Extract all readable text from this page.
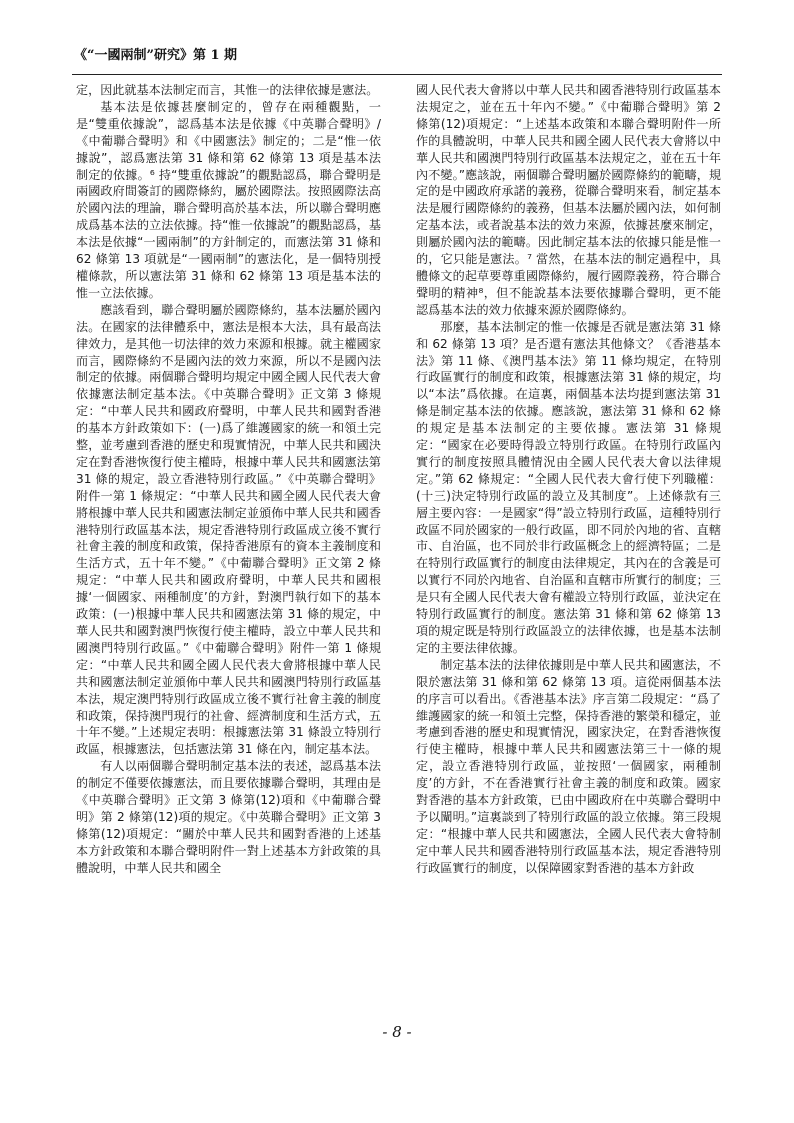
《“一國兩制”研究》第 1 期

定，因此就基本法制定而言，其惟一的法律依據是憲法。

基本法是依據甚麼制定的，曾存在兩種觀點，一是“雙重依據說”，認爲基本法是依據《中英聯合聲明》/《中葡聯合聲明》和《中國憲法》制定的；二是“惟一依據說”，認爲憲法第 31 條和第 62 條第 13 項是基本法制定的依據。⁶ 持“雙重依據說”的觀點認爲，聯合聲明是兩國政府間簽訂的國際條約，屬於國際法。按照國際法高於國內法的理論，聯合聲明高於基本法，所以聯合聲明應成爲基本法的立法依據。持“惟一依據說”的觀點認爲，基本法是依據“一國兩制”的方針制定的，而憲法第 31 條和 62 條第 13 項就是“一國兩制”的憲法化，是一個特別授權條款，所以憲法第 31 條和 62 條第 13 項是基本法的惟一立法依據。

應該看到，聯合聲明屬於國際條約，基本法屬於國內法。在國家的法律體系中，憲法是根本大法，具有最高法律效力，是其他一切法律的效力來源和根據。就主權國家而言，國際條約不是國內法的效力來源，所以不是國內法制定的依據。兩個聯合聲明均規定中國全國人民代表大會依據憲法制定基本法。《中英聯合聲明》正文第 3 條規定：“中華人民共和國政府聲明，中華人民共和國對香港的基本方針政策如下：(一)爲了維護國家的統一和領土完整，並考慮到香港的歷史和現實情況，中華人民共和國決定在對香港恢復行使主權時，根據中華人民共和國憲法第 31 條的規定，設立香港特別行政區。”《中英聯合聲明》附件一第 1 條規定：“中華人民共和國全國人民代表大會將根據中華人民共和國憲法制定並頒佈中華人民共和國香港特別行政區基本法，規定香港特別行政區成立後不實行社會主義的制度和政策，保持香港原有的資本主義制度和生活方式，五十年不變。”《中葡聯合聲明》正文第 2 條規定：“中華人民共和國政府聲明，中華人民共和國根據‘一個國家、兩種制度’的方針，對澳門執行如下的基本政策：(一)根據中華人民共和國憲法第 31 條的規定，中華人民共和國對澳門恢復行使主權時，設立中華人民共和國澳門特別行政區。”《中葡聯合聲明》附件一第 1 條規定：“中華人民共和國全國人民代表大會將根據中華人民共和國憲法制定並頒佈中華人民共和國澳門特別行政區基本法，規定澳門特別行政區成立後不實行社會主義的制度和政策，保持澳門現行的社會、經濟制度和生活方式，五十年不變。”上述規定表明：根據憲法第 31 條設立特別行政區，根據憲法，包括憲法第 31 條在內，制定基本法。

有人以兩個聯合聲明制定基本法的表述，認爲基本法的制定不僅要依據憲法，而且要依據聯合聲明，其理由是《中英聯合聲明》正文第 3 條第(12)項和《中葡聯合聲明》第 2 條第(12)項的規定。《中英聯合聲明》正文第 3 條第(12)項規定：“關於中華人民共和國對香港的上述基本方針政策和本聯合聲明附件一對上述基本方針政策的具體說明，中華人民共和國全

國人民代表大會將以中華人民共和國香港特別行政區基本法規定之，並在五十年內不變。”《中葡聯合聲明》第 2 條第(12)項規定：“上述基本政策和本聯合聲明附件一所作的具體說明，中華人民共和國全國人民代表大會將以中華人民共和國澳門特別行政區基本法規定之，並在五十年內不變。”應該說，兩個聯合聲明屬於國際條約的範疇，規定的是中國政府承諾的義務，從聯合聲明來看，制定基本法是履行國際條約的義務，但基本法屬於國內法，如何制定基本法，或者說基本法的效力來源，依據甚麼來制定，則屬於國內法的範疇。因此制定基本法的依據只能是惟一的，它只能是憲法。⁷ 當然，在基本法的制定過程中，具體條文的起草要尊重國際條約，履行國際義務，符合聯合聲明的精神⁸，但不能說基本法要依據聯合聲明，更不能認爲基本法的效力依據來源於國際條約。

那麼，基本法制定的惟一依據是否就是憲法第 31 條和 62 條第 13 項？是否還有憲法其他條文？《香港基本法》第 11 條、《澳門基本法》第 11 條均規定，在特別行政區實行的制度和政策，根據憲法第 31 條的規定，均以“本法”爲依據。在這裏，兩個基本法均提到憲法第 31 條是制定基本法的依據。應該說，憲法第 31 條和 62 條的規定是基本法制定的主要依據。憲法第 31 條規定：“國家在必要時得設立特別行政區。在特別行政區內實行的制度按照具體情況由全國人民代表大會以法律規定。”第 62 條規定：“全國人民代表大會行使下列職權：(十三)決定特別行政區的設立及其制度”。上述條款有三層主要內容：一是國家“得”設立特別行政區，這種特別行政區不同於國家的一般行政區，即不同於內地的省、直轄市、自治區，也不同於非行政區概念上的經濟特區；二是在特別行政區實行的制度由法律規定，其內在的含義是可以實行不同於內地省、自治區和直轄市所實行的制度；三是只有全國人民代表大會有權設立特別行政區，並決定在特別行政區實行的制度。憲法第 31 條和第 62 條第 13 項的規定既是特別行政區設立的法律依據，也是基本法制定的主要法律依據。

制定基本法的法律依據則是中華人民共和國憲法，不限於憲法第 31 條和第 62 條第 13 項。這從兩個基本法的序言可以看出。《香港基本法》序言第二段規定：“爲了維護國家的統一和領土完整，保持香港的繁榮和穩定，並考慮到香港的歷史和現實情況，國家決定，在對香港恢復行使主權時，根據中華人民共和國憲法第三十一條的規定，設立香港特別行政區，並按照‘一個國家，兩種制度’的方針，不在香港實行社會主義的制度和政策。國家對香港的基本方針政策，已由中國政府在中英聯合聲明中予以闡明。”這裏談到了特別行政區的設立依據。第三段規定：“根據中華人民共和國憲法，全國人民代表大會特制定中華人民共和國香港特別行政區基本法，規定香港特別行政區實行的制度，以保障國家對香港的基本方針政

- 8 -
